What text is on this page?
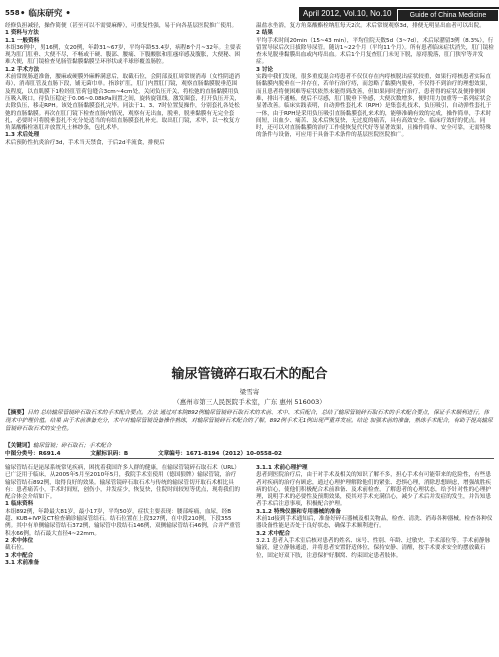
558 • 临床研究 •	April 2012, Vol.10, No.10	Guide of China Medicine

经修负担减轻，操作简便（甚至可以不需要麻醉），可重复性强，易于向各基层医院推广使用。

1 资料与方法

1.1 一般资料

本组36例中，男16例，女20例，年龄31~67岁，平均年龄53.4岁，病程8个月~32年。主要表现为肛门肛垂、大便不尽，不畅或干硬、腹部、腰痛、下腹酸胀和肛瘙痒感及腹胀，大便秘、困难大便，肛门镜检查见肠管黏膜黏膜呈环形状或半球形覆盖肠腔。

1.2 手术方法

术前常规肠道准备，腰麻或硬膜外麻醉满意后，取截石位，会阴部及肛周常规消毒（女性阴道消毒），消毒肛管及直肠下段，铺无菌巾单。指诊扩肛，肛门内置肛门镜，观察直肠黏膜脱垂范围及程度，以直肌膜下1粒经肛管荷包缝合3cm~4cm处，关闭负压开关，将松弛的直肠黏膜用负压吸入吸口，待负压稳定于0.06~0.08kPa间置之间，旋转旋钮线。激发圈套，打开负压开关，去除负压，移走RPH。该处直肠黏膜套扎完毕。同法于1、3、7时位置复操作，分别套扎各处松弛的直肠黏膜。再次在肛门镜下检查直肠内情况，观察有无出血，脱垂，脱垂黏膜有无完全套扎，必要时可将脱垂套扎不充分处适当的有结直肠膜套扎补充。取出肛门镜，术毕，以一枚复方角菜酸酯栓塞肛并放置凡士林纱条，包扎术毕。

1.3 术后处理

术后预防性抗炎治疗3d，手术当天禁食，于后2d半流食，排便后

温盐水坐浴，复方角菜酸酯栓纳肛每天2次。术后常规观察3d，排便无明显出血者可以出院。

2 结果

平均手术时间20min（15~43 min），平均住院天数5d（3~7d），术后尿潴留3例（8.3%），行留置导尿后次日拔除导尿管。随访1~22个月（平均11个月）。所有患者临床症状消失，肛门镜检查未见脱垂黏膜出血或内痔出血。术后1个月复查肛门未见下脱，原痔脱落，肛门狭窄等并发症。

3 讨论

实践中我们发现，很多重度混合痔患者不仅仅存在内痔核脱出症状较重，如果行痔核患者实际直肠黏膜内脱垂在一并存在，若单行治疗痔，而忽略了黏膜内脱垂，不仅得不到治疗的理想效果，而且患者将便困难等症状依然未能得到改善，但如果同时进行治疗，患者得的症状及便排便困难，排出不通畅，便后不尽感，肛门脱垂下坠感，大便次数增多，便时用力加重等一系列症状会显著改善。临床实践表明，自动弹性套扎术（RPH）是集套扎技术，负压吸引，自动弹性套扎于一体，由于RPH是采用负压吸引直肠黏膜套扎来术的，能够准确有效的完成，操作简单，手术时间短，出血少、痛苦、及术后恢复快，无过度的痛苦，具有高效安全、临床疗效好的优点。同时，还可以对直肠黏膜的治疗工作使恢复代代好等显著效果，且操作简单、安全可靠，无需特殊的条件与设备，可应用于具备手术条件的基层医院医院推广。

输尿管镜碎石取石术的配合
梁雪寄
（惠州市第三人民医院手术室，广东 惠州 516003）
【摘要】目的 总结输尿管镜碎石取石术的手术配合要点。方法 通过对本院892例输尿管镜碎石取石术的术前、术中、术后配合，总结了输尿管镜碎石取石术的手术配合要点，保证手术顺利进行，体现术中护理价值。结果 由于术前准备充分，术中对输尿管镜设备操作熟练，对输尿管镜碎石术配合的了解，892例手术无1例出现严重并发症。结论 加强术前的准备，熟练手术配合，有助于提高输尿管镜碎石取石术的安全性。
【关键词】输尿管镜；碎石取石；手术配合
中图分类号：R691.4	文献标识码：B	文章编号：1671-8194（2012）10-0558-02

输尿管结石是泌尿系统常见疾病，困扰着我国许多人群的健康，在输尿管镜碎石取石术（URL）已广泛用于临床，从2005年5月至2010年5月，我院手术室使用（德国狼牌）输尿管镜，治疗输尿管结石892例，取得良好的效果。输尿管镜碎石取石术与传统的输尿管切开取石术相比具有：患者痛苦小，手术时间短，创伤小，并发症少，恢复快，住院时间较短等优点，现将我们的配合体会介绍如下。

1 临床资料

本组892例，年龄最大81岁，最小17岁，平均50岁，症状主要表现：腰部疼痛，血尿，经B超、KUB+IVP及CT检查确诊输尿管结石。结石位置在上段327例，在中段210例，下段355例。其中有单侧输尿管结石372例，输尿管中段结石146例，双侧输尿管结石46例，合并严重管积水66例。结石最大直径4~22mm。

2 术中体位

截石位。

3 术中配合

3.1 术前准备

3.1.1 术前心理护理

患者到医院治疗后，由于对手术及相关的知识了解不多，担心手术有可能带来的危险性，有些患者对疾病的治疗有顾虑，通过心理护理解除他们的紧张、恐惧心理，消除思想顾虑，增强战胜疾病的信心，使他们积极配合术前准备、及术前检查，了解患者的心理状态，给予针对性的心理护理，说明手术的必要性及预期效果，使其对手术充满信心，减少了术后并发症的发生，并告知患者手术后注意事项，积极配合护理。

3.1.2 特殊仪器和专用器械的准备

术前1d接到手术通知后，准备好碎石器械及相关物品，检查、清洗、消毒各种器械。检查各种仪器设备性能是否处于良好状态，确保手术顺利进行。

3.2 术中配合

3.2.1 患者入手术室后核对患者的姓名、床号、性别、年龄、过敏史、手术部位等。手术前静脉输液，建立静脉通道，并将患者安置舒适体位，保持安静、清醒，按手术要求安全的摆放截石位，固定好双下肢，注意保护好腘窝、约束固定患者肢体。
